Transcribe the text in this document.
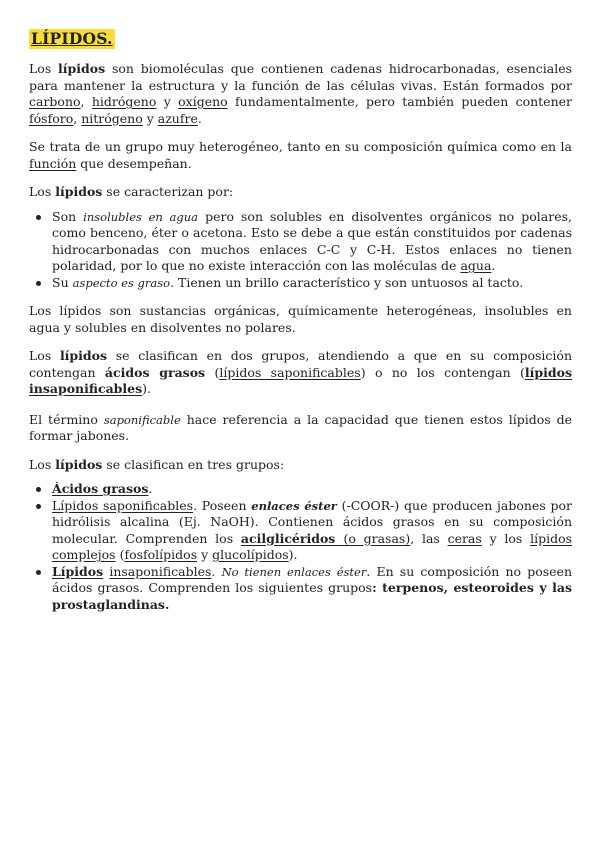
LÍPIDOS.

Los lípidos son biomoléculas que contienen cadenas hidrocarbonadas, esenciales para mantener la estructura y la función de las células vivas. Están formados por carbono, hidrógeno y oxígeno fundamentalmente, pero también pueden contener fósforo, nitrógeno y azufre.

Se trata de un grupo muy heterogéneo, tanto en su composición química como en la función que desempeñan.

Los lípidos se caracterizan por:

Son insolubles en agua pero son solubles en disolventes orgánicos no polares, como benceno, éter o acetona. Esto se debe a que están constituidos por cadenas hidrocarbonadas con muchos enlaces C-C y C-H. Estos enlaces no tienen polaridad, por lo que no existe interacción con las moléculas de agua.
Su aspecto es graso. Tienen un brillo característico y son untuosos al tacto.

Los lípidos son sustancias orgánicas, químicamente heterogéneas, insolubles en agua y solubles en disolventes no polares.

Los lípidos se clasifican en dos grupos, atendiendo a que en su composición contengan ácidos grasos (lípidos saponificables) o no los contengan (lípidos insaponificables).

El término saponificable hace referencia a la capacidad que tienen estos lípidos de formar jabones.

Los lípidos se clasifican en tres grupos:

Ácidos grasos.
Lípidos saponificables. Poseen enlaces éster (-COOR-) que producen jabones por hidrólisis alcalina (Ej. NaOH). Contienen ácidos grasos en su composición molecular. Comprenden los acilglicéridos (o grasas), las ceras y los lípidos complejos (fosfolípidos y glucolípidos).
Lípidos insaponificables. No tienen enlaces éster. En su composición no poseen ácidos grasos. Comprenden los siguientes grupos: terpenos, esteoroides y las prostaglandinas.
